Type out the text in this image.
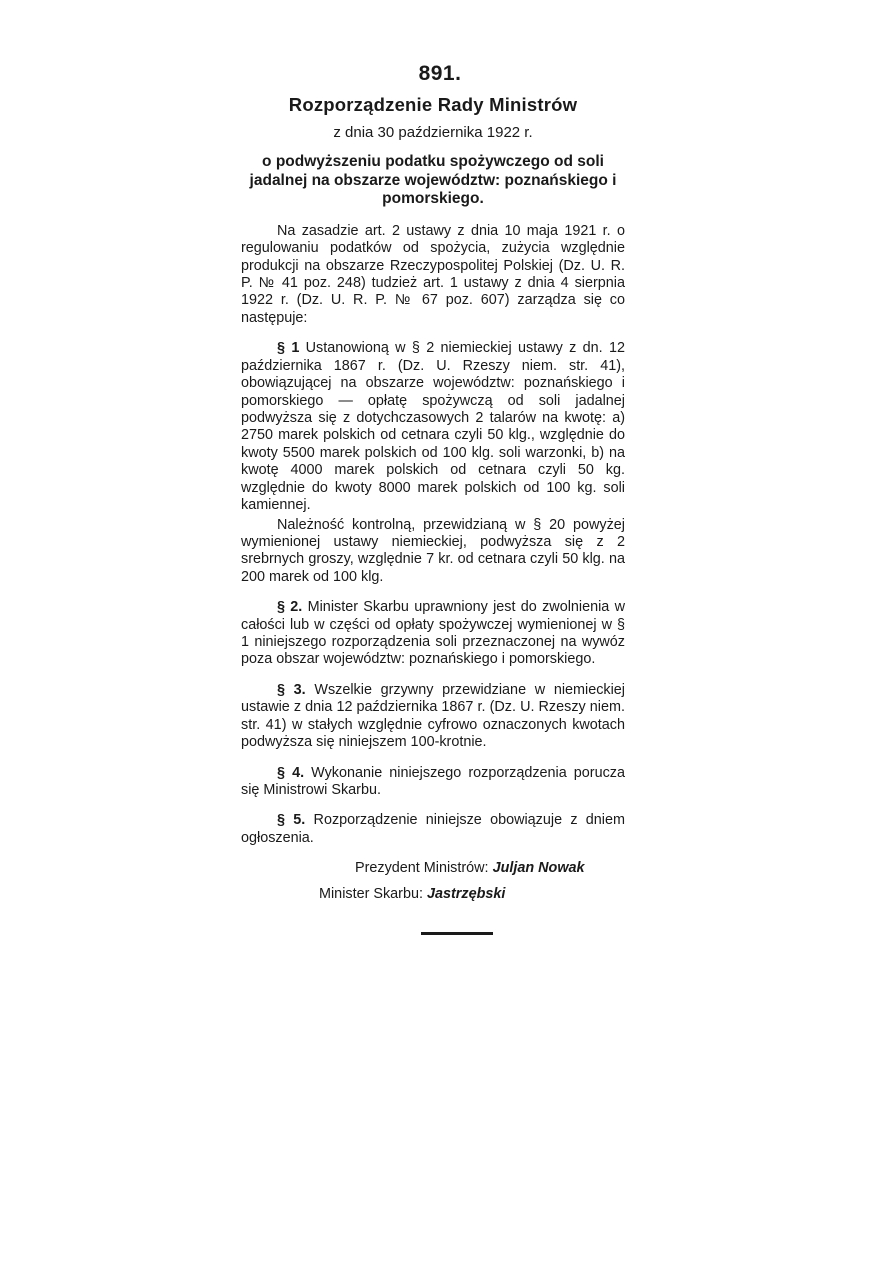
891.
Rozporządzenie Rady Ministrów
z dnia 30 października 1922 r.
o podwyższeniu podatku spożywczego od soli jadalnej na obszarze województw: poznańskiego i pomorskiego.

Na zasadzie art. 2 ustawy z dnia 10 maja 1921 r. o regulowaniu podatków od spożycia, zużycia względnie produkcji na obszarze Rzeczypospolitej Polskiej (Dz. U. R. P. № 41 poz. 248) tudzież art. 1 ustawy z dnia 4 sierpnia 1922 r. (Dz. U. R. P. № 67 poz. 607) zarządza się co następuje:

§ 1 Ustanowioną w § 2 niemieckiej ustawy z dn. 12 października 1867 r. (Dz. U. Rzeszy niem. str. 41), obowiązującej na obszarze województw: poznańskiego i pomorskiego — opłatę spożywczą od soli jadalnej podwyższa się z dotychczasowych 2 talarów na kwotę: a) 2750 marek polskich od cetnara czyli 50 klg., względnie do kwoty 5500 marek polskich od 100 klg. soli warzonki, b) na kwotę 4000 marek polskich od cetnara czyli 50 kg. względnie do kwoty 8000 marek polskich od 100 kg. soli kamiennej.

Należność kontrolną, przewidzianą w § 20 powyżej wymienionej ustawy niemieckiej, podwyższa się z 2 srebrnych groszy, względnie 7 kr. od cetnara czyli 50 klg. na 200 marek od 100 klg.

§ 2. Minister Skarbu uprawniony jest do zwolnienia w całości lub w części od opłaty spożywczej wymienionej w § 1 niniejszego rozporządzenia soli przeznaczonej na wywóz poza obszar województw: poznańskiego i pomorskiego.

§ 3. Wszelkie grzywny przewidziane w niemieckiej ustawie z dnia 12 października 1867 r. (Dz. U. Rzeszy niem. str. 41) w stałych względnie cyfrowo oznaczonych kwotach podwyższa się niniejszem 100-krotnie.

§ 4. Wykonanie niniejszego rozporządzenia porucza się Ministrowi Skarbu.

§ 5. Rozporządzenie niniejsze obowiązuje z dniem ogłoszenia.

Prezydent Ministrów: Juljan Nowak
Minister Skarbu: Jastrzębski
